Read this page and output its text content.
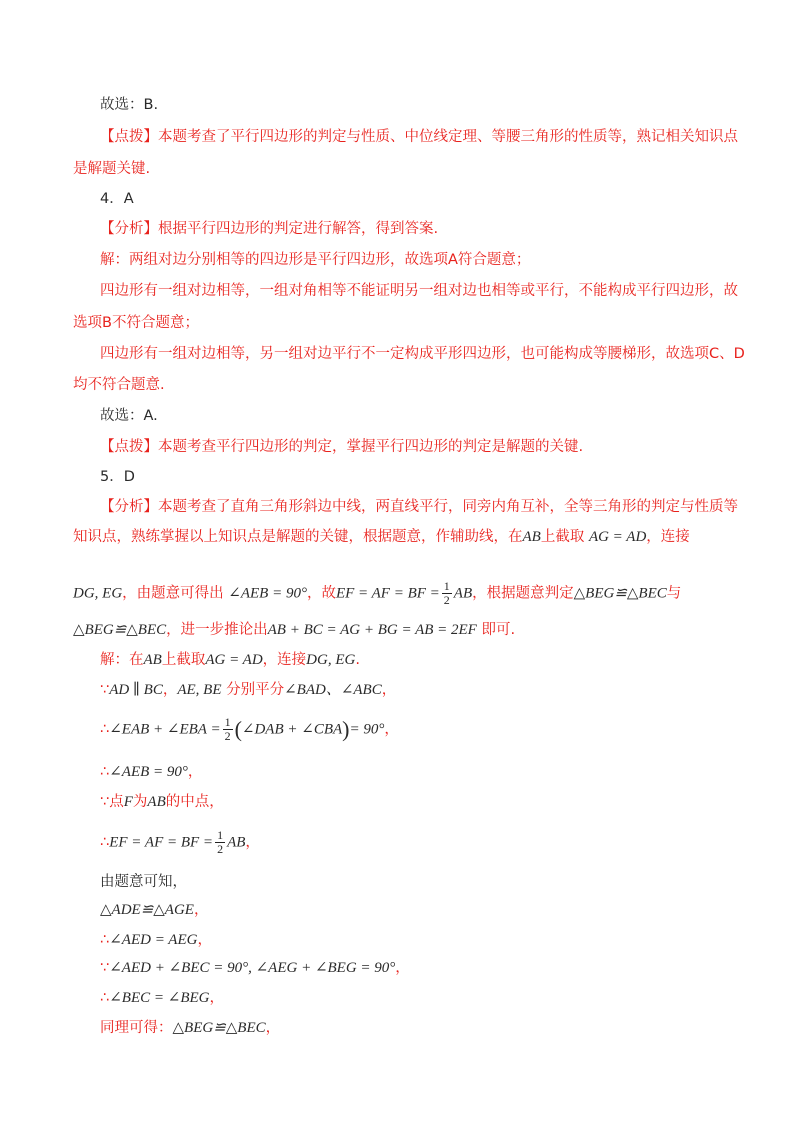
故选：B.
【点拨】本题考查了平行四边形的判定与性质、中位线定理、等腰三角形的性质等，熟记相关知识点
是解题关键.
4．A
【分析】根据平行四边形的判定进行解答，得到答案.
解：两组对边分别相等的四边形是平行四边形，故选项A符合题意；
四边形有一组对边相等，一组对角相等不能证明另一组对边也相等或平行，不能构成平行四边形，故
选项B不符合题意；
四边形有一组对边相等，另一组对边平行不一定构成平形四边形，也可能构成等腰梯形，故选项C、D
均不符合题意.
故选：A.
【点拨】本题考查平行四边形的判定，掌握平行四边形的判定是解题的关键.
5．D
【分析】本题考查了直角三角形斜边中线，两直线平行，同旁内角互补，全等三角形的判定与性质等
知识点，熟练掌握以上知识点是解题的关键，根据题意，作辅助线，在AB上截取 AG = AD，连接
DG, EG，由题意可得出 ∠AEB = 90°，故EF = AF = BF = $\frac{1}{2}$ AB，根据题意判定△BEG≌△BEC与
△BEG≌△BEC，进一步推论出AB + BC = AG + BG = AB = 2EF 即可.
解：在AB上截取AG = AD，连接DG, EG.
∵AD ∥ BC，AE, BE 分别平分∠BAD、∠ABC，
∴∠EAB + ∠EBA = $\frac{1}{2}$ (∠DAB + ∠CBA)= 90°，
∴∠AEB = 90°，
∵点F为AB的中点，
∴EF = AF = BF = $\frac{1}{2}$ AB，
由题意可知，
△ADE≌△AGE，
∴∠AED = AEG，
∵∠AED + ∠BEC = 90°, ∠AEG + ∠BEG = 90°，
∴∠BEC = ∠BEG，
同理可得：△BEG≌△BEC，
